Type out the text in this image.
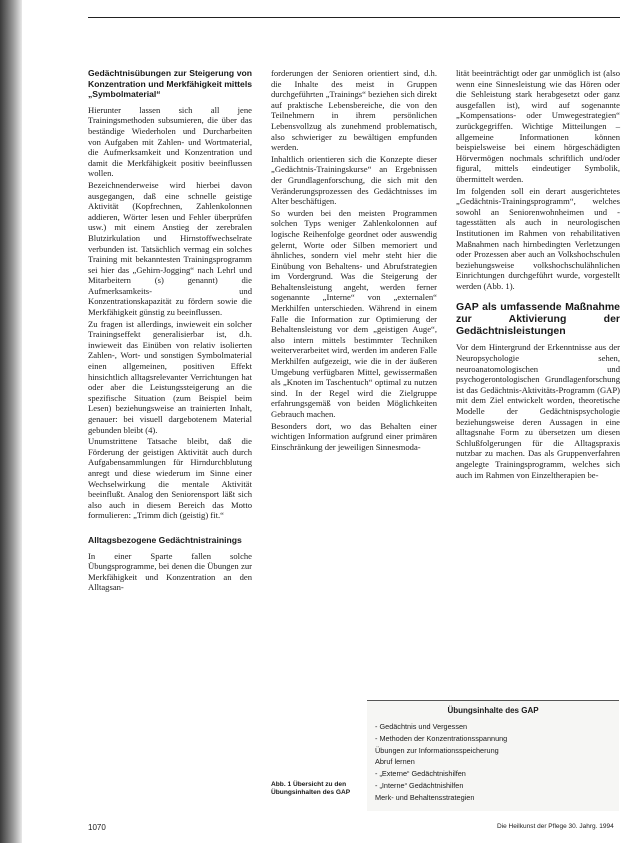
Gedächtnisübungen zur Steigerung von Konzentration und Merkfähigkeit mittels „Symbolmaterial“

Hierunter lassen sich all jene Trainingsmethoden subsumieren, die über das beständige Wiederholen und Durcharbeiten von Aufgaben mit Zahlen- und Wortmaterial, die Aufmerksamkeit und Konzentration und damit die Merkfähigkeit positiv beeinflussen wollen.

Bezeichnenderweise wird hierbei davon ausgegangen, daß eine schnelle geistige Aktivität (Kopfrechnen, Zahlenkolonnen addieren, Wörter lesen und Fehler überprüfen usw.) mit einem Anstieg der zerebralen Blutzirkulation und Hirnstoffwechselrate verbunden ist. Tatsächlich vermag ein solches Training mit bekanntesten Trainingsprogramm sei hier das „Gehirn-Jogging“ nach Lehrl und Mitarbeitern (s) genannt) die Aufmerksamkeits- und Konzentrationskapazität zu fördern sowie die Merkfähigkeit günstig zu beeinflussen.

Zu fragen ist allerdings, inwieweit ein solcher Trainingseffekt generalisierbar ist, d.h. inwieweit das Einüben von relativ isolierten Zahlen-, Wort- und sonstigen Symbolmaterial einen allgemeinen, positiven Effekt hinsichtlich alltagsrelevanter Verrichtungen hat oder aber die Leistungssteigerung an die spezifische Situation (zum Beispiel beim Lesen) beziehungsweise an trainierten Inhalt, genauer: bei visuell dargebotenem Material gebunden bleibt (4).

Unumstrittene Tatsache bleibt, daß die Förderung der geistigen Aktivität auch durch Aufgabensammlungen für Hirndurchblutung anregt und diese wiederum im Sinne einer Wechselwirkung die mentale Aktivität beeinflußt. Analog den Seniorensport läßt sich also auch in diesem Bereich das Motto formulieren: „Trimm dich (geistig) fit.“

Alltagsbezogene Gedächtnistrainings

In einer Sparte fallen solche Übungsprogramme, bei denen die Übungen zur Merkfähigkeit und Konzentration an den Alltagsan-

forderungen der Senioren orientiert sind, d.h. die Inhalte des meist in Gruppen durchgeführten „Trainings“ beziehen sich direkt auf praktische Lebensbereiche, die von den Teilnehmern in ihrem persönlichen Lebensvollzug als zunehmend problematisch, also schwieriger zu bewältigen empfunden werden.

Inhaltlich orientieren sich die Konzepte dieser „Gedächtnis-Trainingskurse“ an Ergebnissen der Grundlagenforschung, die sich mit den Veränderungsprozessen des Gedächtnisses im Alter beschäftigen.

So wurden bei den meisten Programmen solchen Typs weniger Zahlenkolonnen auf logische Reihenfolge geordnet oder auswendig gelernt, Worte oder Silben memoriert und ähnliches, sondern viel mehr steht hier die Einübung von Behaltens- und Abrufstrategien im Vordergrund. Was die Steigerung der Behaltensleistung angeht, werden ferner sogenannte „Interne“ von „externalen“ Merkhilfen unterschieden. Während in einem Falle die Information zur Optimierung der Behaltensleistung vor dem „geistigen Auge“, also intern mittels bestimmter Techniken weiterverarbeitet wird, werden im anderen Falle Merkhilfen aufgezeigt, wie die in der äußeren Umgebung verfügbaren Mittel, gewissermaßen als „Knoten im Taschentuch“ optimal zu nutzen sind. In der Regel wird die Zielgruppe erfahrungsgemäß von beiden Möglichkeiten Gebrauch machen.

Besonders dort, wo das Behalten einer wichtigen Information aufgrund einer primären Einschränkung der jeweiligen Sinnesmoda-

lität beeinträchtigt oder gar unmöglich ist (also wenn eine Sinnesleistung wie das Hören oder die Sehleistung stark herabgesetzt oder ganz ausgefallen ist), wird auf sogenannte „Kompensations- oder Umwegestrategien“ zurückgegriffen. Wichtige Mitteilungen – allgemeine Informationen können beispielsweise bei einem hörgeschädigten Hörvermögen nochmals schriftlich und/oder figural, mittels eindeutiger Symbolik, übermittelt werden.

Im folgenden soll ein derart ausgerichtetes „Gedächtnis-Trainingsprogramm“, welches sowohl an Seniorenwohnheimen und -tagesstätten als auch in neurologischen Institutionen im Rahmen von rehabilitativen Maßnahmen nach hirnbedingten Verletzungen oder Prozessen aber auch an Volkshochschulen beziehungsweise volkshochschulähnlichen Einrichtungen durchgeführt wurde, vorgestellt werden (Abb. 1).

GAP als umfassende Maßnahme zur Aktivierung der Gedächtnisleistungen

Vor dem Hintergrund der Erkenntnisse aus der Neuropsychologie sehen, neuroanatomologischen und psychogerontologischen Grundlagenforschung ist das Gedächtnis-Aktivitäts-Programm (GAP) mit dem Ziel entwickelt worden, theoretische Modelle der Gedächtnispsychologie beziehungsweise deren Aussagen in eine alltagsnahe Form zu übersetzen um diesen Schlußfolgerungen für die Alltagspraxis nutzbar zu machen. Das als Gruppenverfahren angelegte Trainingsprogramm, welches sich auch im Rahmen von Einzeltherapien be-

Übungsinhalte des GAP
- Gedächtnis und Vergessen
- Methoden der Konzentrationsspannung
Übungen zur Informationsspeicherung
Abruf lernen
- „Externe“ Gedächtnishilfen
- „Interne“ Gedächtnishilfen
Merk- und Behaltensstrategien
Abb. 1 Übersicht zu den Übungsinhalten des GAP
1070	Die Heilkunst der Pflege 30. Jahrg. 1994
